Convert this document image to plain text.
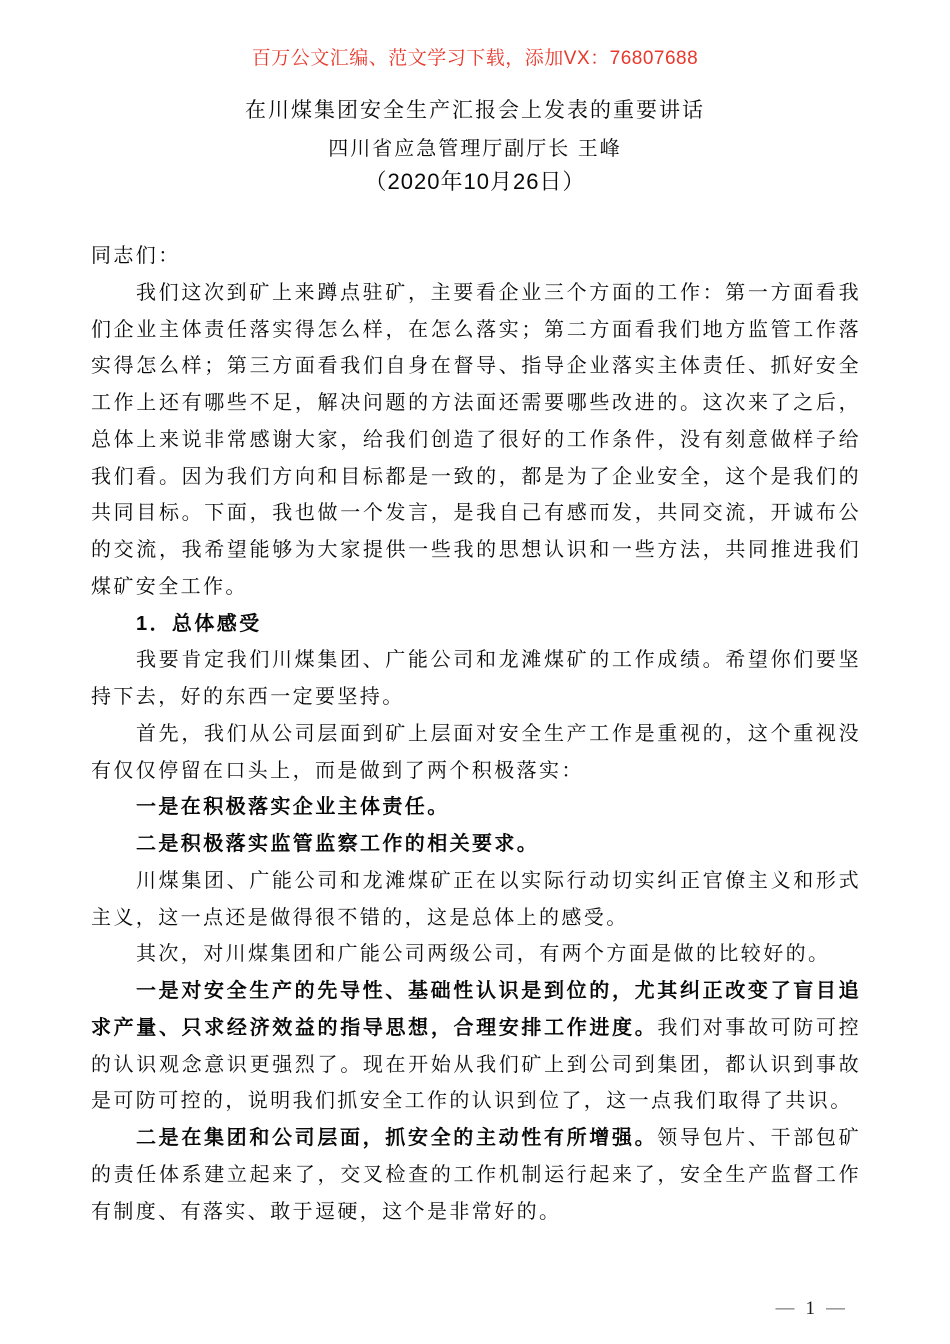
百万公文汇编、范文学习下载，添加VX：76807688
在川煤集团安全生产汇报会上发表的重要讲话
四川省应急管理厅副厅长 王峰
（2020年10月26日）

同志们：

我们这次到矿上来蹲点驻矿，主要看企业三个方面的工作：第一方面看我们企业主体责任落实得怎么样，在怎么落实；第二方面看我们地方监管工作落实得怎么样；第三方面看我们自身在督导、指导企业落实主体责任、抓好安全工作上还有哪些不足，解决问题的方法面还需要哪些改进的。这次来了之后，总体上来说非常感谢大家，给我们创造了很好的工作条件，没有刻意做样子给我们看。因为我们方向和目标都是一致的，都是为了企业安全，这个是我们的共同目标。下面，我也做一个发言，是我自己有感而发，共同交流，开诚布公的交流，我希望能够为大家提供一些我的思想认识和一些方法，共同推进我们煤矿安全工作。

1．总体感受

我要肯定我们川煤集团、广能公司和龙滩煤矿的工作成绩。希望你们要坚持下去，好的东西一定要坚持。

首先，我们从公司层面到矿上层面对安全生产工作是重视的，这个重视没有仅仅停留在口头上，而是做到了两个积极落实：

一是在积极落实企业主体责任。

二是积极落实监管监察工作的相关要求。

川煤集团、广能公司和龙滩煤矿正在以实际行动切实纠正官僚主义和形式主义，这一点还是做得很不错的，这是总体上的感受。

其次，对川煤集团和广能公司两级公司，有两个方面是做的比较好的。

一是对安全生产的先导性、基础性认识是到位的，尤其纠正改变了盲目追求产量、只求经济效益的指导思想，合理安排工作进度。我们对事故可防可控的认识观念意识更强烈了。现在开始从我们矿上到公司到集团，都认识到事故是可防可控的，说明我们抓安全工作的认识到位了，这一点我们取得了共识。

二是在集团和公司层面，抓安全的主动性有所增强。领导包片、干部包矿的责任体系建立起来了，交叉检查的工作机制运行起来了，安全生产监督工作有制度、有落实、敢于逗硬，这个是非常好的。

— 1 —
